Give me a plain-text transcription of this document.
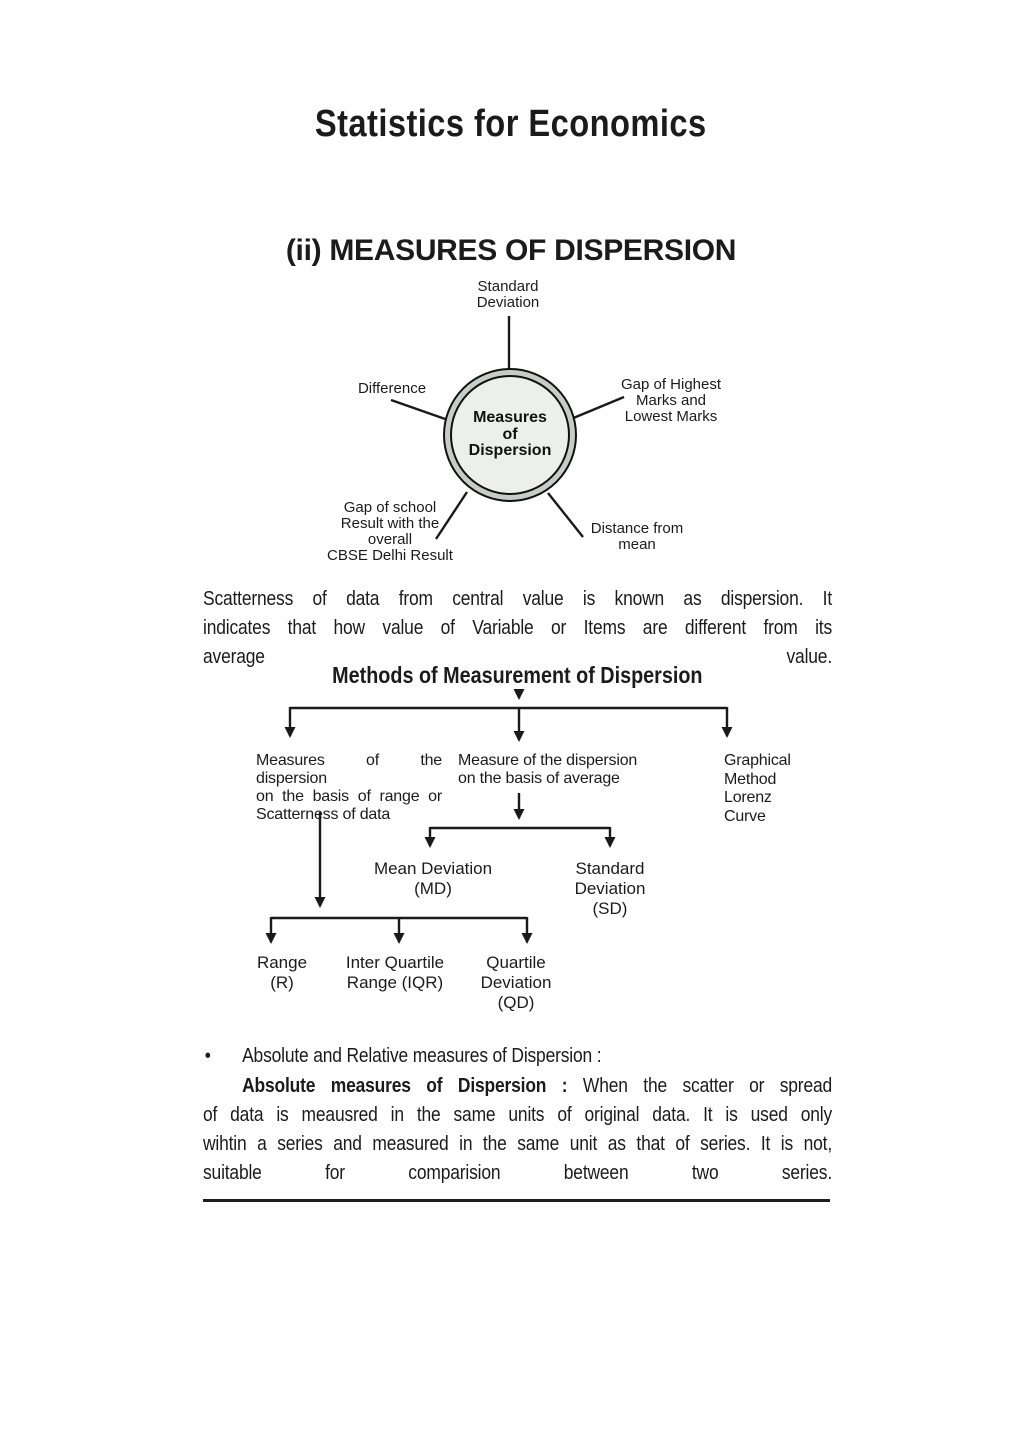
Statistics for Economics
(ii) MEASURES OF DISPERSION
Measures
of
Dispersion
Standard
Deviation
Difference	Gap of Highest
Marks and
Lowest Marks
Gap of school
Result with the
overall
CBSE Delhi Result
Distance from
mean
Scatterness of data from central value is known as dispersion. It
indicates that how value of Variable or Items are different from its
average value.
Methods of Measurement of Dispersion
Measures of the dispersion
on the basis of range or
Scatterness of data
Measure of the dispersion
on the basis of average
Graphical
Method
Lorenz
Curve
Mean Deviation
(MD)
Standard
Deviation
(SD)
Range
(R)
Inter Quartile
Range (IQR)
Quartile
Deviation
(QD)
• Absolute and Relative measures of Dispersion :
Absolute measures of Dispersion : When the scatter or spread
of data is meausred in the same units of original data. It is used only
wihtin a series and measured in the same unit as that of series. It is not,
suitable for comparision between two series.
